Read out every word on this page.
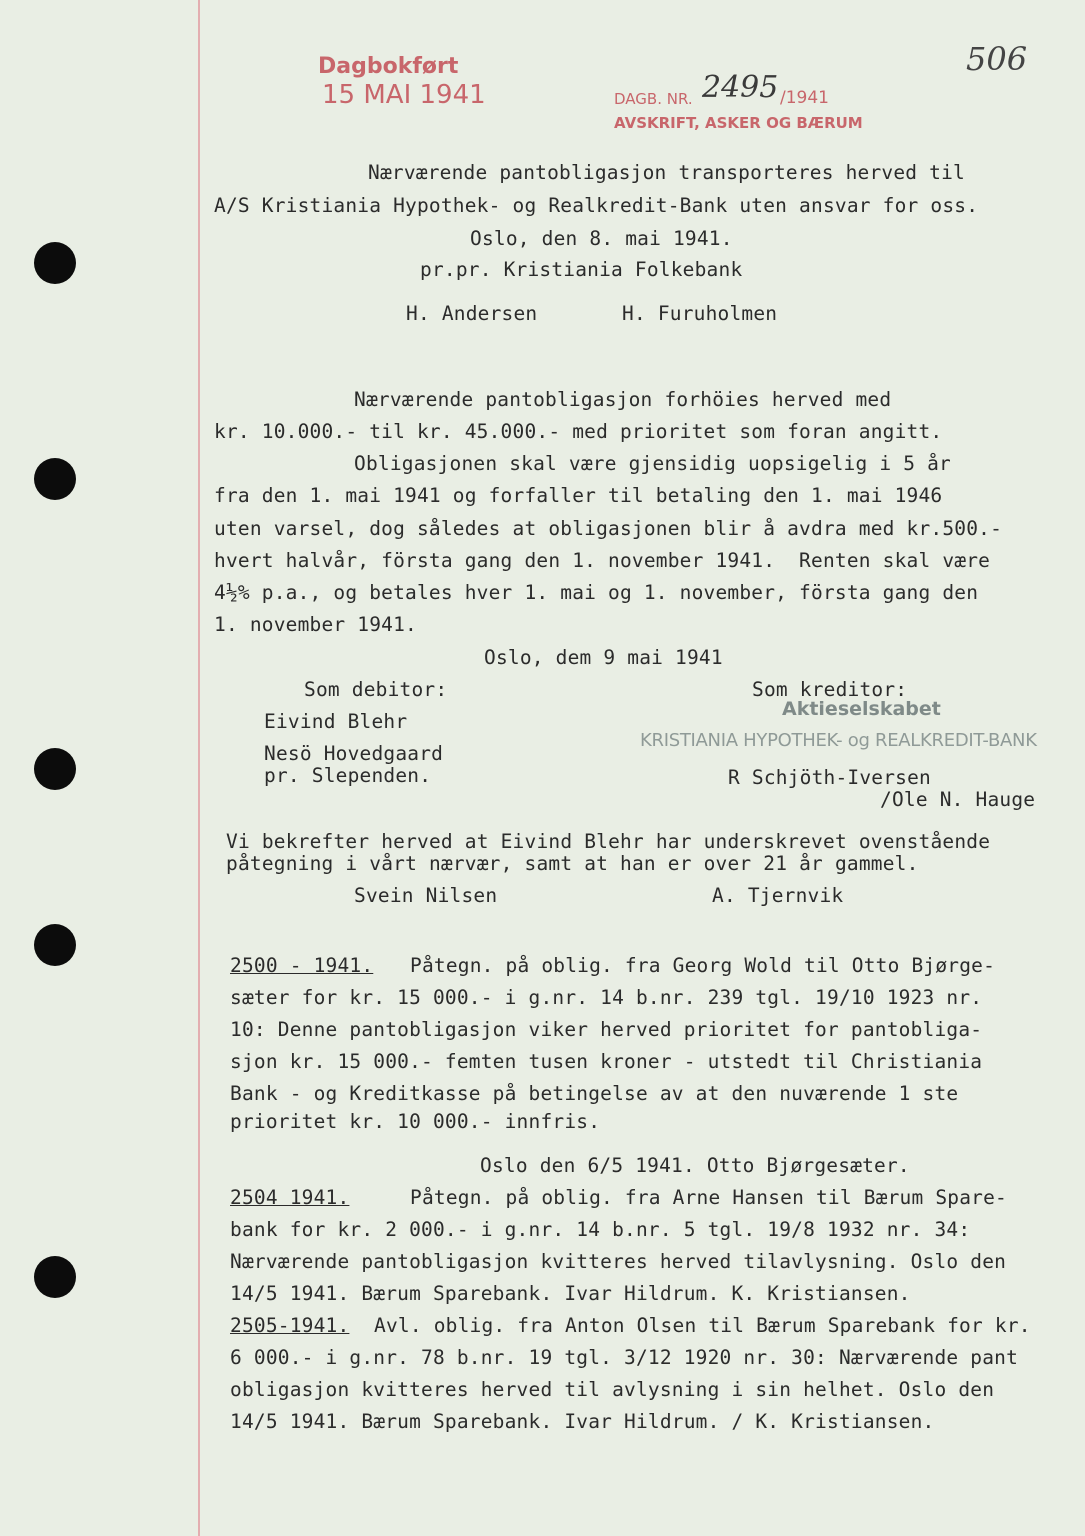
Dagbokført
15 MAI 1941	DAGB. NR. 2495 /1941
AVSKRIFT, ASKER OG BÆRUM
506
Nærværende pantobligasjon transporteres herved til
A/S Kristiania Hypothek- og Realkredit-Bank uten ansvar for oss.
Oslo, den 8. mai 1941.
pr.pr. Kristiania Folkebank
H. Andersen	H. Furuholmen
Nærværende pantobligasjon forhöies herved med
kr. 10.000.- til kr. 45.000.- med prioritet som foran angitt.
Obligasjonen skal være gjensidig uopsigelig i 5 år
fra den 1. mai 1941 og forfaller til betaling den 1. mai 1946
uten varsel, dog således at obligasjonen blir å avdra med kr.500.-
hvert halvår, första gang den 1. november 1941.  Renten skal være
4½% p.a., og betales hver 1. mai og 1. november, första gang den
1. november 1941.
Oslo, dem 9 mai 1941
Som debitor:
Eivind Blehr
Nesö Hovedgaard
pr. Slependen.
Som kreditor:
Aktieselskabet
KRISTIANIA HYPOTHEK- og REALKREDIT-BANK
R Schjöth-Iversen
/Ole N. Hauge
Vi bekrefter herved at Eivind Blehr har underskrevet ovenstående
påtegning i vårt nærvær, samt at han er over 21 år gammel.
Svein Nilsen	A. Tjernvik
2500 - 1941. Påtegn. på oblig. fra Georg Wold til Otto Bjørge-
sæter for kr. 15 000.- i g.nr. 14 b.nr. 239 tgl. 19/10 1923 nr.
10: Denne pantobligasjon viker herved prioritet for pantobliga-
sjon kr. 15 000.- femten tusen kroner - utstedt til Christiania
Bank - og Kreditkasse på betingelse av at den nuværende 1 ste
prioritet kr. 10 000.- innfris.
Oslo den 6/5 1941. Otto Bjørgesæter.
2504 1941.	Påtegn. på oblig. fra Arne Hansen til Bærum Spare-
bank for kr. 2 000.- i g.nr. 14 b.nr. 5 tgl. 19/8 1932 nr. 34:
Nærværende pantobligasjon kvitteres herved tilavlysning. Oslo den
14/5 1941. Bærum Sparebank. Ivar Hildrum. K. Kristiansen.
2505-1941. Avl. oblig. fra Anton Olsen til Bærum Sparebank for kr.
6 000.- i g.nr. 78 b.nr. 19 tgl. 3/12 1920 nr. 30: Nærværende pant
obligasjon kvitteres herved til avlysning i sin helhet. Oslo den
14/5 1941. Bærum Sparebank. Ivar Hildrum. / K. Kristiansen.
